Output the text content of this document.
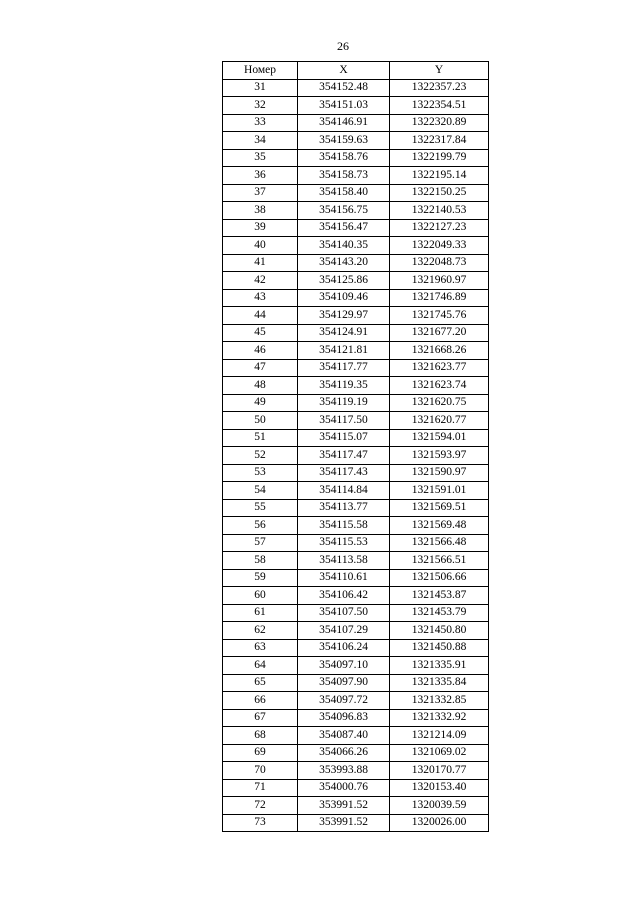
26
Номер	X	Y
31	354152.48	1322357.23
32	354151.03	1322354.51
33	354146.91	1322320.89
34	354159.63	1322317.84
35	354158.76	1322199.79
36	354158.73	1322195.14
37	354158.40	1322150.25
38	354156.75	1322140.53
39	354156.47	1322127.23
40	354140.35	1322049.33
41	354143.20	1322048.73
42	354125.86	1321960.97
43	354109.46	1321746.89
44	354129.97	1321745.76
45	354124.91	1321677.20
46	354121.81	1321668.26
47	354117.77	1321623.77
48	354119.35	1321623.74
49	354119.19	1321620.75
50	354117.50	1321620.77
51	354115.07	1321594.01
52	354117.47	1321593.97
53	354117.43	1321590.97
54	354114.84	1321591.01
55	354113.77	1321569.51
56	354115.58	1321569.48
57	354115.53	1321566.48
58	354113.58	1321566.51
59	354110.61	1321506.66
60	354106.42	1321453.87
61	354107.50	1321453.79
62	354107.29	1321450.80
63	354106.24	1321450.88
64	354097.10	1321335.91
65	354097.90	1321335.84
66	354097.72	1321332.85
67	354096.83	1321332.92
68	354087.40	1321214.09
69	354066.26	1321069.02
70	353993.88	1320170.77
71	354000.76	1320153.40
72	353991.52	1320039.59
73	353991.52	1320026.00
